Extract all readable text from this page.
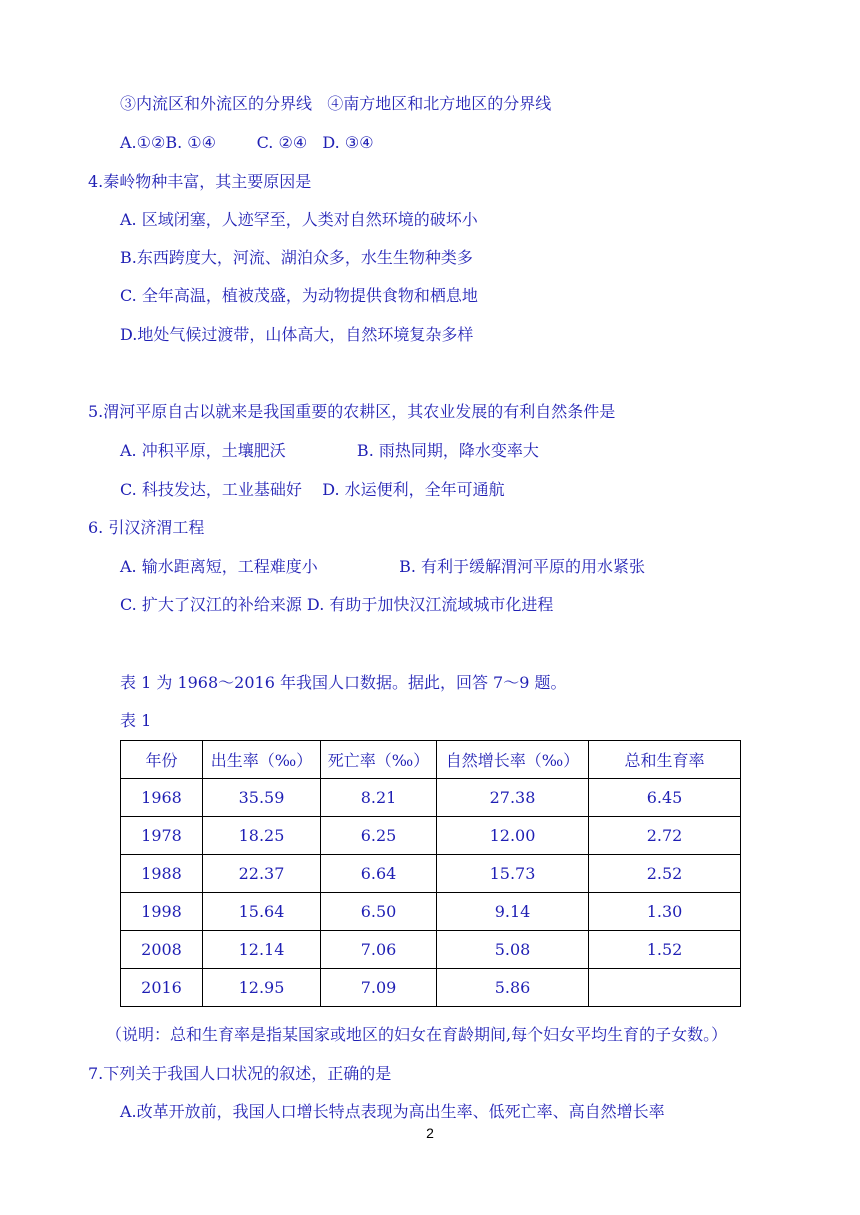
③内流区和外流区的分界线   ④南方地区和北方地区的分界线
A.①②B. ①④        C. ②④   D. ③④
4.秦岭物种丰富，其主要原因是
A. 区域闭塞，人迹罕至，人类对自然环境的破坏小
B.东西跨度大，河流、湖泊众多，水生生物种类多
C. 全年高温，植被茂盛，为动物提供食物和栖息地
D.地处气候过渡带，山体高大，自然环境复杂多样
5.渭河平原自古以就来是我国重要的农耕区，其农业发展的有利自然条件是
A. 冲积平原，土壤肥沃              B. 雨热同期，降水变率大
C. 科技发达，工业基础好    D. 水运便利，全年可通航
6. 引汉济渭工程
A. 输水距离短，工程难度小                B. 有利于缓解渭河平原的用水紧张
C. 扩大了汉江的补给来源 D. 有助于加快汉江流域城市化进程
表 1 为 1968～2016 年我国人口数据。据此，回答 7～9 题。
表 1
年份	出生率（‰）	死亡率（‰）	自然增长率（‰）	总和生育率
1968	35.59	8.21	27.38	6.45
1978	18.25	6.25	12.00	2.72
1988	22.37	6.64	15.73	2.52
1998	15.64	6.50	9.14	1.30
2008	12.14	7.06	5.08	1.52
2016	12.95	7.09	5.86	
（说明：总和生育率是指某国家或地区的妇女在育龄期间,每个妇女平均生育的子女数。）
7.下列关于我国人口状况的叙述，正确的是
A.改革开放前，我国人口增长特点表现为高出生率、低死亡率、高自然增长率
2
